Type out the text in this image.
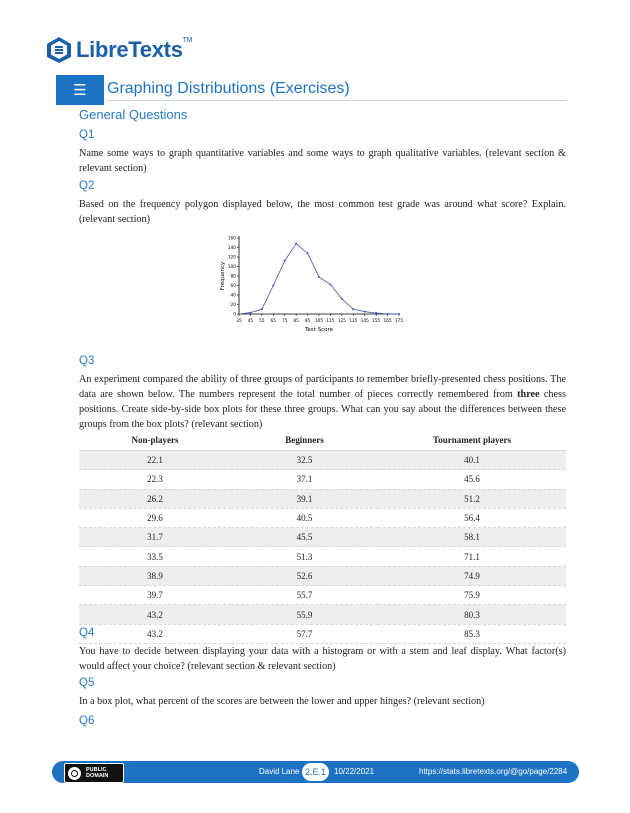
LibreTexts™
☰ Graphing Distributions (Exercises)
General Questions
Q1
Name some ways to graph quantitative variables and some ways to graph qualitative variables. (relevant section & relevant section)
Q2
Based on the frequency polygon displayed below, the most common test grade was around what score? Explain. (relevant section)
0
20
40
60
80
100
120
140
160
35 45 55 65 75 85 95 105 115 125 135 145 155 165 175
Test Score
Frequency
Q3
An experiment compared the ability of three groups of participants to remember briefly-presented chess positions. The data are shown below. The numbers represent the total number of pieces correctly remembered from three chess positions. Create side-by-side box plots for these three groups. What can you say about the differences between these groups from the box plots? (relevant section)
Non-players	Beginners	Tournament players
22.1	32.5	40.1
22.3	37.1	45.6
26.2	39.1	51.2
29.6	40.5	56.4
31.7	45.5	58.1
33.5	51.3	71.1
38.9	52.6	74.9
39.7	55.7	75.9
43.2	55.9	80.3
43.2	57.7	85.3
Q4
You have to decide between displaying your data with a histogram or with a stem and leaf display. What factor(s) would affect your choice? (relevant section & relevant section)
Q5
In a box plot, what percent of the scores are between the lower and upper hinges? (relevant section)
Q6
PUBLIC
DOMAIN	David Lane 2.E.1	10/22/2021	https://stats.libretexts.org/@go/page/2284
